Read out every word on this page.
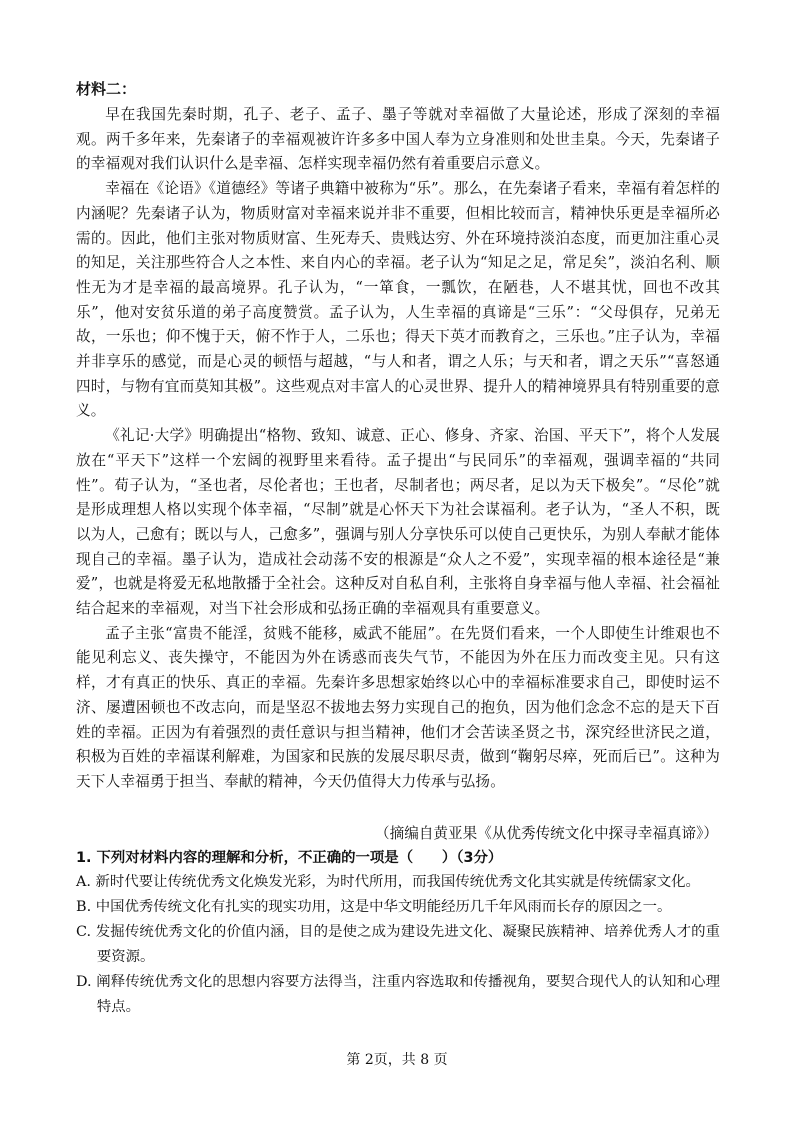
材料二：

早在我国先秦时期，孔子、老子、孟子、墨子等就对幸福做了大量论述，形成了深刻的幸福观。两千多年来，先秦诸子的幸福观被许许多多中国人奉为立身准则和处世圭臬。今天，先秦诸子的幸福观对我们认识什么是幸福、怎样实现幸福仍然有着重要启示意义。

幸福在《论语》《道德经》等诸子典籍中被称为“乐”。那么，在先秦诸子看来，幸福有着怎样的内涵呢？先秦诸子认为，物质财富对幸福来说并非不重要，但相比较而言，精神快乐更是幸福所必需的。因此，他们主张对物质财富、生死寿夭、贵贱达穷、外在环境持淡泊态度，而更加注重心灵的知足，关注那些符合人之本性、来自内心的幸福。老子认为“知足之足，常足矣”，淡泊名利、顺性无为才是幸福的最高境界。孔子认为，“一箪食，一瓢饮，在陋巷，人不堪其忧，回也不改其乐”，他对安贫乐道的弟子高度赞赏。孟子认为，人生幸福的真谛是“三乐”：“父母俱存，兄弟无故，一乐也；仰不愧于天，俯不怍于人，二乐也；得天下英才而教育之，三乐也。”庄子认为，幸福并非享乐的感觉，而是心灵的顿悟与超越，“与人和者，谓之人乐；与天和者，谓之天乐”“喜怒通四时，与物有宜而莫知其极”。这些观点对丰富人的心灵世界、提升人的精神境界具有特别重要的意义。

《礼记·大学》明确提出“格物、致知、诚意、正心、修身、齐家、治国、平天下”，将个人发展放在“平天下”这样一个宏阔的视野里来看待。孟子提出“与民同乐”的幸福观，强调幸福的“共同性”。荀子认为，“圣也者，尽伦者也；王也者，尽制者也；两尽者，足以为天下极矣”。“尽伦”就是形成理想人格以实现个体幸福，“尽制”就是心怀天下为社会谋福利。老子认为，“圣人不积，既以为人，己愈有；既以与人，己愈多”，强调与别人分享快乐可以使自己更快乐，为别人奉献才能体现自己的幸福。墨子认为，造成社会动荡不安的根源是“众人之不爱”，实现幸福的根本途径是“兼爱”，也就是将爱无私地散播于全社会。这种反对自私自利，主张将自身幸福与他人幸福、社会福祉结合起来的幸福观，对当下社会形成和弘扬正确的幸福观具有重要意义。

孟子主张“富贵不能淫，贫贱不能移，威武不能屈”。在先贤们看来，一个人即使生计维艰也不能见利忘义、丧失操守，不能因为外在诱惑而丧失气节，不能因为外在压力而改变主见。只有这样，才有真正的快乐、真正的幸福。先秦许多思想家始终以心中的幸福标准要求自己，即使时运不济、屡遭困顿也不改志向，而是坚忍不拔地去努力实现自己的抱负，因为他们念念不忘的是天下百姓的幸福。正因为有着强烈的责任意识与担当精神，他们才会苦读圣贤之书，深究经世济民之道，积极为百姓的幸福谋利解难，为国家和民族的发展尽职尽责，做到“鞠躬尽瘁，死而后已”。这种为天下人幸福勇于担当、奉献的精神，今天仍值得大力传承与弘扬。

（摘编自黄亚果《从优秀传统文化中探寻幸福真谛》）

1. 下列对材料内容的理解和分析，不正确的一项是（　　）（3分）

A. 新时代要让传统优秀文化焕发光彩，为时代所用，而我国传统优秀文化其实就是传统儒家文化。

B. 中国优秀传统文化有扎实的现实功用，这是中华文明能经历几千年风雨而长存的原因之一。

C. 发掘传统优秀文化的价值内涵，目的是使之成为建设先进文化、凝聚民族精神、培养优秀人才的重要资源。

D. 阐释传统优秀文化的思想内容要方法得当，注重内容选取和传播视角，要契合现代人的认知和心理特点。

第 2页，共 8 页
